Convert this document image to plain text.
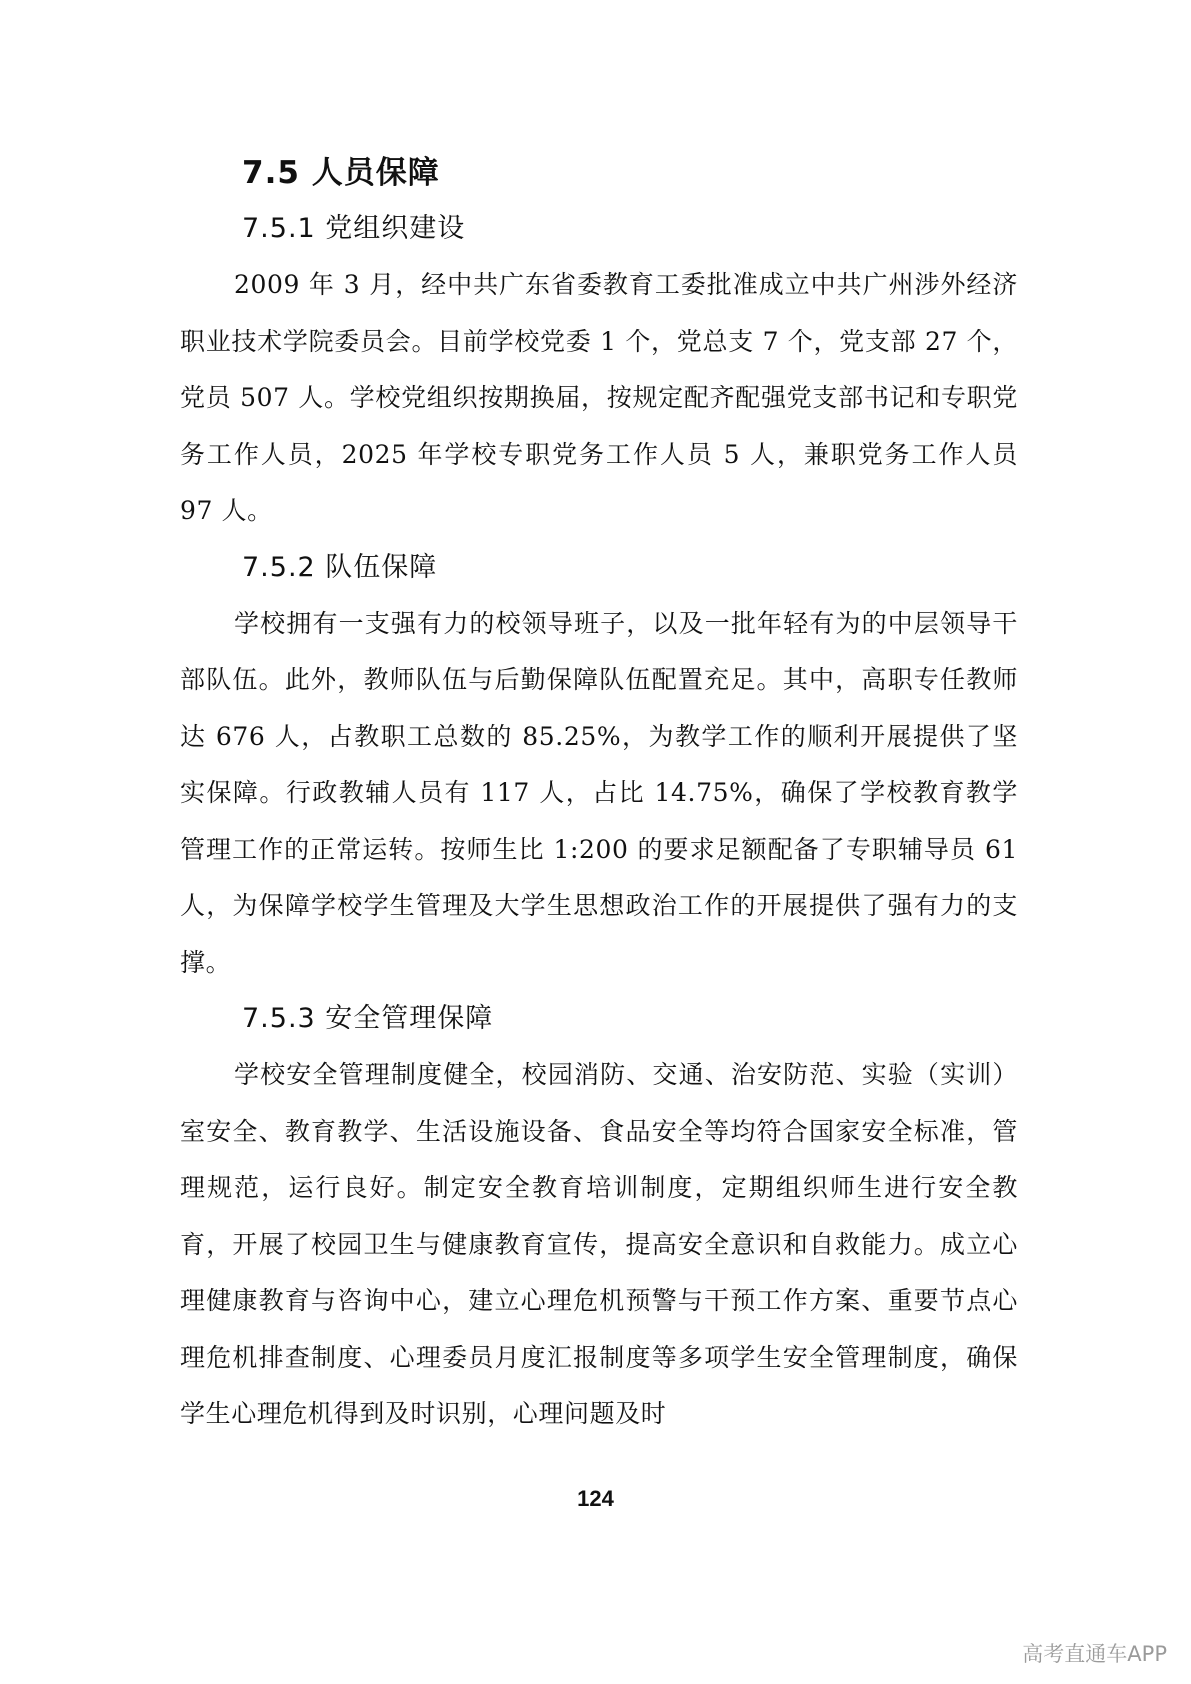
7.5 人员保障
7.5.1 党组织建设

2009 年 3 月，经中共广东省委教育工委批准成立中共广州涉外经济职业技术学院委员会。目前学校党委 1 个，党总支 7 个，党支部 27 个，党员 507 人。学校党组织按期换届，按规定配齐配强党支部书记和专职党务工作人员，2025 年学校专职党务工作人员 5 人，兼职党务工作人员 97 人。

7.5.2 队伍保障

学校拥有一支强有力的校领导班子，以及一批年轻有为的中层领导干部队伍。此外，教师队伍与后勤保障队伍配置充足。其中，高职专任教师达 676 人，占教职工总数的 85.25%，为教学工作的顺利开展提供了坚实保障。行政教辅人员有 117 人，占比 14.75%，确保了学校教育教学管理工作的正常运转。按师生比 1:200 的要求足额配备了专职辅导员 61 人，为保障学校学生管理及大学生思想政治工作的开展提供了强有力的支撑。

7.5.3 安全管理保障

学校安全管理制度健全，校园消防、交通、治安防范、实验（实训）室安全、教育教学、生活设施设备、食品安全等均符合国家安全标准，管理规范，运行良好。制定安全教育培训制度，定期组织师生进行安全教育，开展了校园卫生与健康教育宣传，提高安全意识和自救能力。成立心理健康教育与咨询中心，建立心理危机预警与干预工作方案、重要节点心理危机排查制度、心理委员月度汇报制度等多项学生安全管理制度，确保学生心理危机得到及时识别，心理问题及时

124
高考直通车APP
